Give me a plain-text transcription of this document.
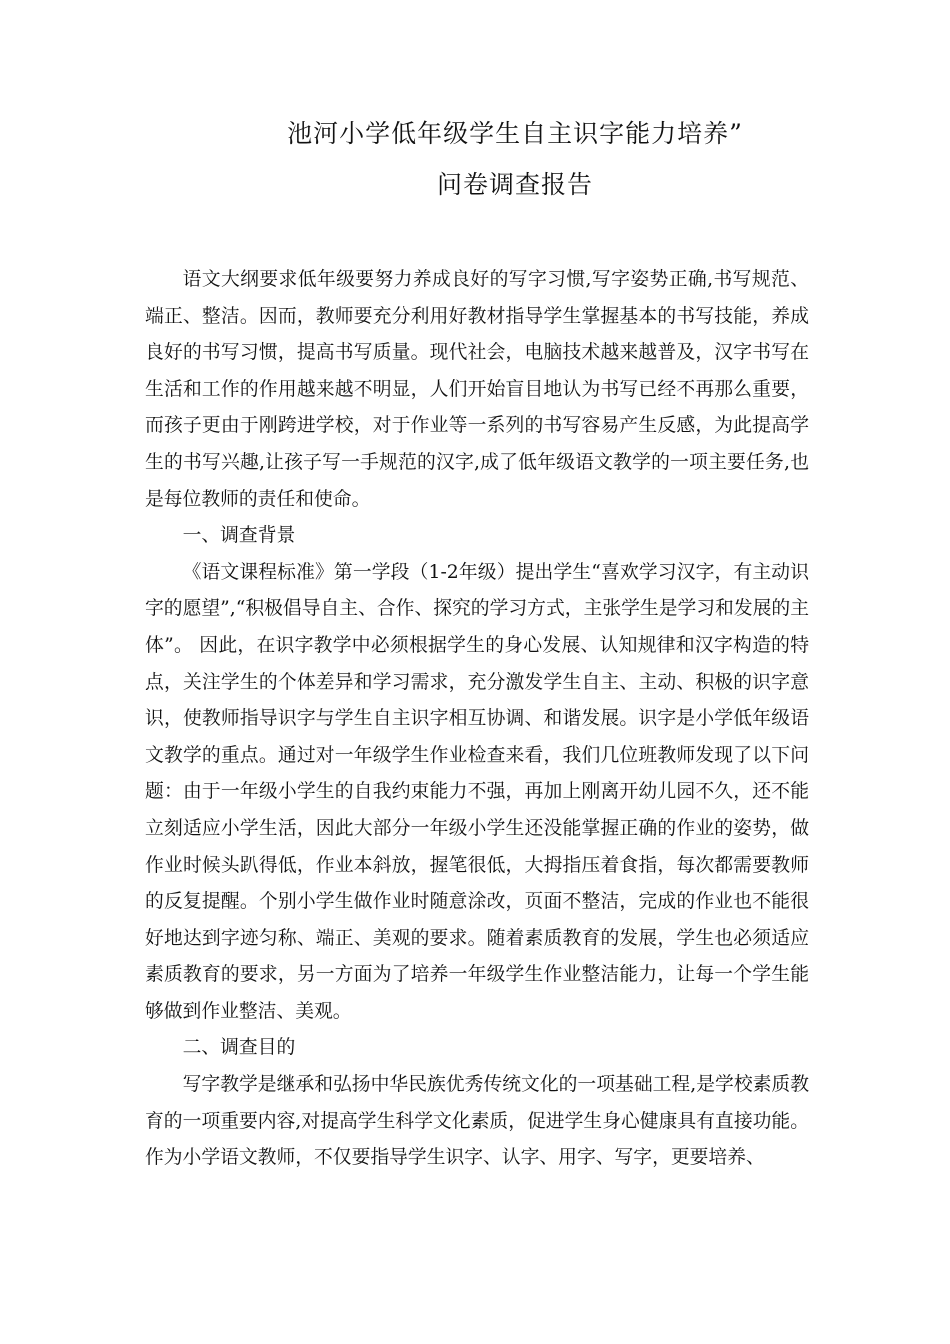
池河小学低年级学生自主识字能力培养”
问卷调查报告

语文大纲要求低年级要努力养成良好的写字习惯,写字姿势正确,书写规范、端正、整洁。因而，教师要充分利用好教材指导学生掌握基本的书写技能，养成良好的书写习惯，提高书写质量。现代社会，电脑技术越来越普及，汉字书写在生活和工作的作用越来越不明显，人们开始盲目地认为书写已经不再那么重要，而孩子更由于刚跨进学校，对于作业等一系列的书写容易产生反感，为此提高学生的书写兴趣,让孩子写一手规范的汉字,成了低年级语文教学的一项主要任务,也是每位教师的责任和使命。

一、调查背景

《语文课程标准》第一学段（1-2年级）提出学生“喜欢学习汉字，有主动识字的愿望”,“积极倡导自主、合作、探究的学习方式，主张学生是学习和发展的主体”。 因此，在识字教学中必须根据学生的身心发展、认知规律和汉字构造的特点，关注学生的个体差异和学习需求，充分激发学生自主、主动、积极的识字意识，使教师指导识字与学生自主识字相互协调、和谐发展。识字是小学低年级语文教学的重点。通过对一年级学生作业检查来看，我们几位班教师发现了以下问题：由于一年级小学生的自我约束能力不强，再加上刚离开幼儿园不久，还不能立刻适应小学生活，因此大部分一年级小学生还没能掌握正确的作业的姿势，做作业时候头趴得低，作业本斜放，握笔很低，大拇指压着食指，每次都需要教师的反复提醒。个别小学生做作业时随意涂改，页面不整洁，完成的作业也不能很好地达到字迹匀称、端正、美观的要求。随着素质教育的发展，学生也必须适应素质教育的要求，另一方面为了培养一年级学生作业整洁能力，让每一个学生能够做到作业整洁、美观。

二、调查目的

写字教学是继承和弘扬中华民族优秀传统文化的一项基础工程,是学校素质教育的一项重要内容,对提高学生科学文化素质，促进学生身心健康具有直接功能。作为小学语文教师，不仅要指导学生识字、认字、用字、写字，更要培养、
